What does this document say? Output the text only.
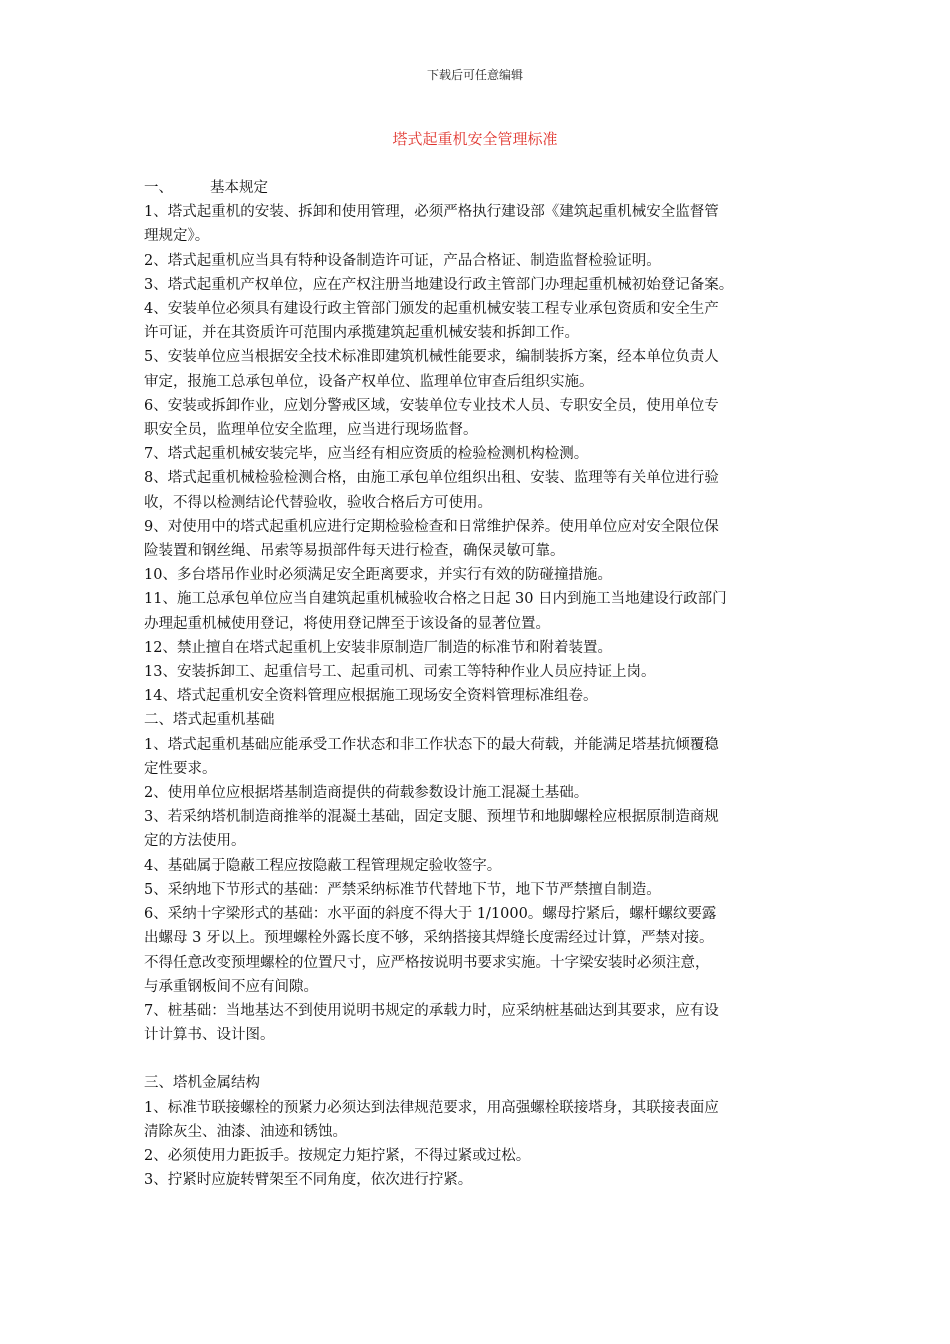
下载后可任意编辑
塔式起重机安全管理标准

一、	基本规定

1、塔式起重机的安装、拆卸和使用管理，必须严格执行建设部《建筑起重机械安全监督管

理规定》。

2、塔式起重机应当具有特种设备制造许可证，产品合格证、制造监督检验证明。

3、塔式起重机产权单位，应在产权注册当地建设行政主管部门办理起重机械初始登记备案。

4、安装单位必须具有建设行政主管部门颁发的起重机械安装工程专业承包资质和安全生产

许可证，并在其资质许可范围内承揽建筑起重机械安装和拆卸工作。

5、安装单位应当根据安全技术标准即建筑机械性能要求，编制装拆方案，经本单位负责人

审定，报施工总承包单位，设备产权单位、监理单位审查后组织实施。

6、安装或拆卸作业，应划分警戒区域，安装单位专业技术人员、专职安全员，使用单位专

职安全员，监理单位安全监理，应当进行现场监督。

7、塔式起重机械安装完毕，应当经有相应资质的检验检测机构检测。

8、塔式起重机械检验检测合格，由施工承包单位组织出租、安装、监理等有关单位进行验

收，不得以检测结论代替验收，验收合格后方可使用。

9、对使用中的塔式起重机应进行定期检验检查和日常维护保养。使用单位应对安全限位保

险装置和钢丝绳、吊索等易损部件每天进行检查，确保灵敏可靠。

10、多台塔吊作业时必须满足安全距离要求，并实行有效的防碰撞措施。

11、施工总承包单位应当自建筑起重机械验收合格之日起 30 日内到施工当地建设行政部门

办理起重机械使用登记，将使用登记牌至于该设备的显著位置。

12、禁止擅自在塔式起重机上安装非原制造厂制造的标准节和附着装置。

13、安装拆卸工、起重信号工、起重司机、司索工等特种作业人员应持证上岗。

14、塔式起重机安全资料管理应根据施工现场安全资料管理标准组卷。

二、塔式起重机基础

1、塔式起重机基础应能承受工作状态和非工作状态下的最大荷载，并能满足塔基抗倾覆稳

定性要求。

2、使用单位应根据塔基制造商提供的荷载参数设计施工混凝土基础。

3、若采纳塔机制造商推举的混凝土基础，固定支腿、预埋节和地脚螺栓应根据原制造商规

定的方法使用。

4、基础属于隐蔽工程应按隐蔽工程管理规定验收签字。

5、采纳地下节形式的基础：严禁采纳标准节代替地下节，地下节严禁擅自制造。

6、采纳十字梁形式的基础：水平面的斜度不得大于 1/1000。螺母拧紧后，螺杆螺纹要露

出螺母 3 牙以上。预埋螺栓外露长度不够，采纳搭接其焊缝长度需经过计算，严禁对接。

不得任意改变预埋螺栓的位置尺寸，应严格按说明书要求实施。十字梁安装时必须注意，

与承重钢板间不应有间隙。

7、桩基础：当地基达不到使用说明书规定的承载力时，应采纳桩基础达到其要求，应有设

计计算书、设计图。

三、塔机金属结构

1、标准节联接螺栓的预紧力必须达到法律规范要求，用高强螺栓联接塔身，其联接表面应

清除灰尘、油漆、油迹和锈蚀。

2、必须使用力距扳手。按规定力矩拧紧，不得过紧或过松。

3、拧紧时应旋转臂架至不同角度，依次进行拧紧。
